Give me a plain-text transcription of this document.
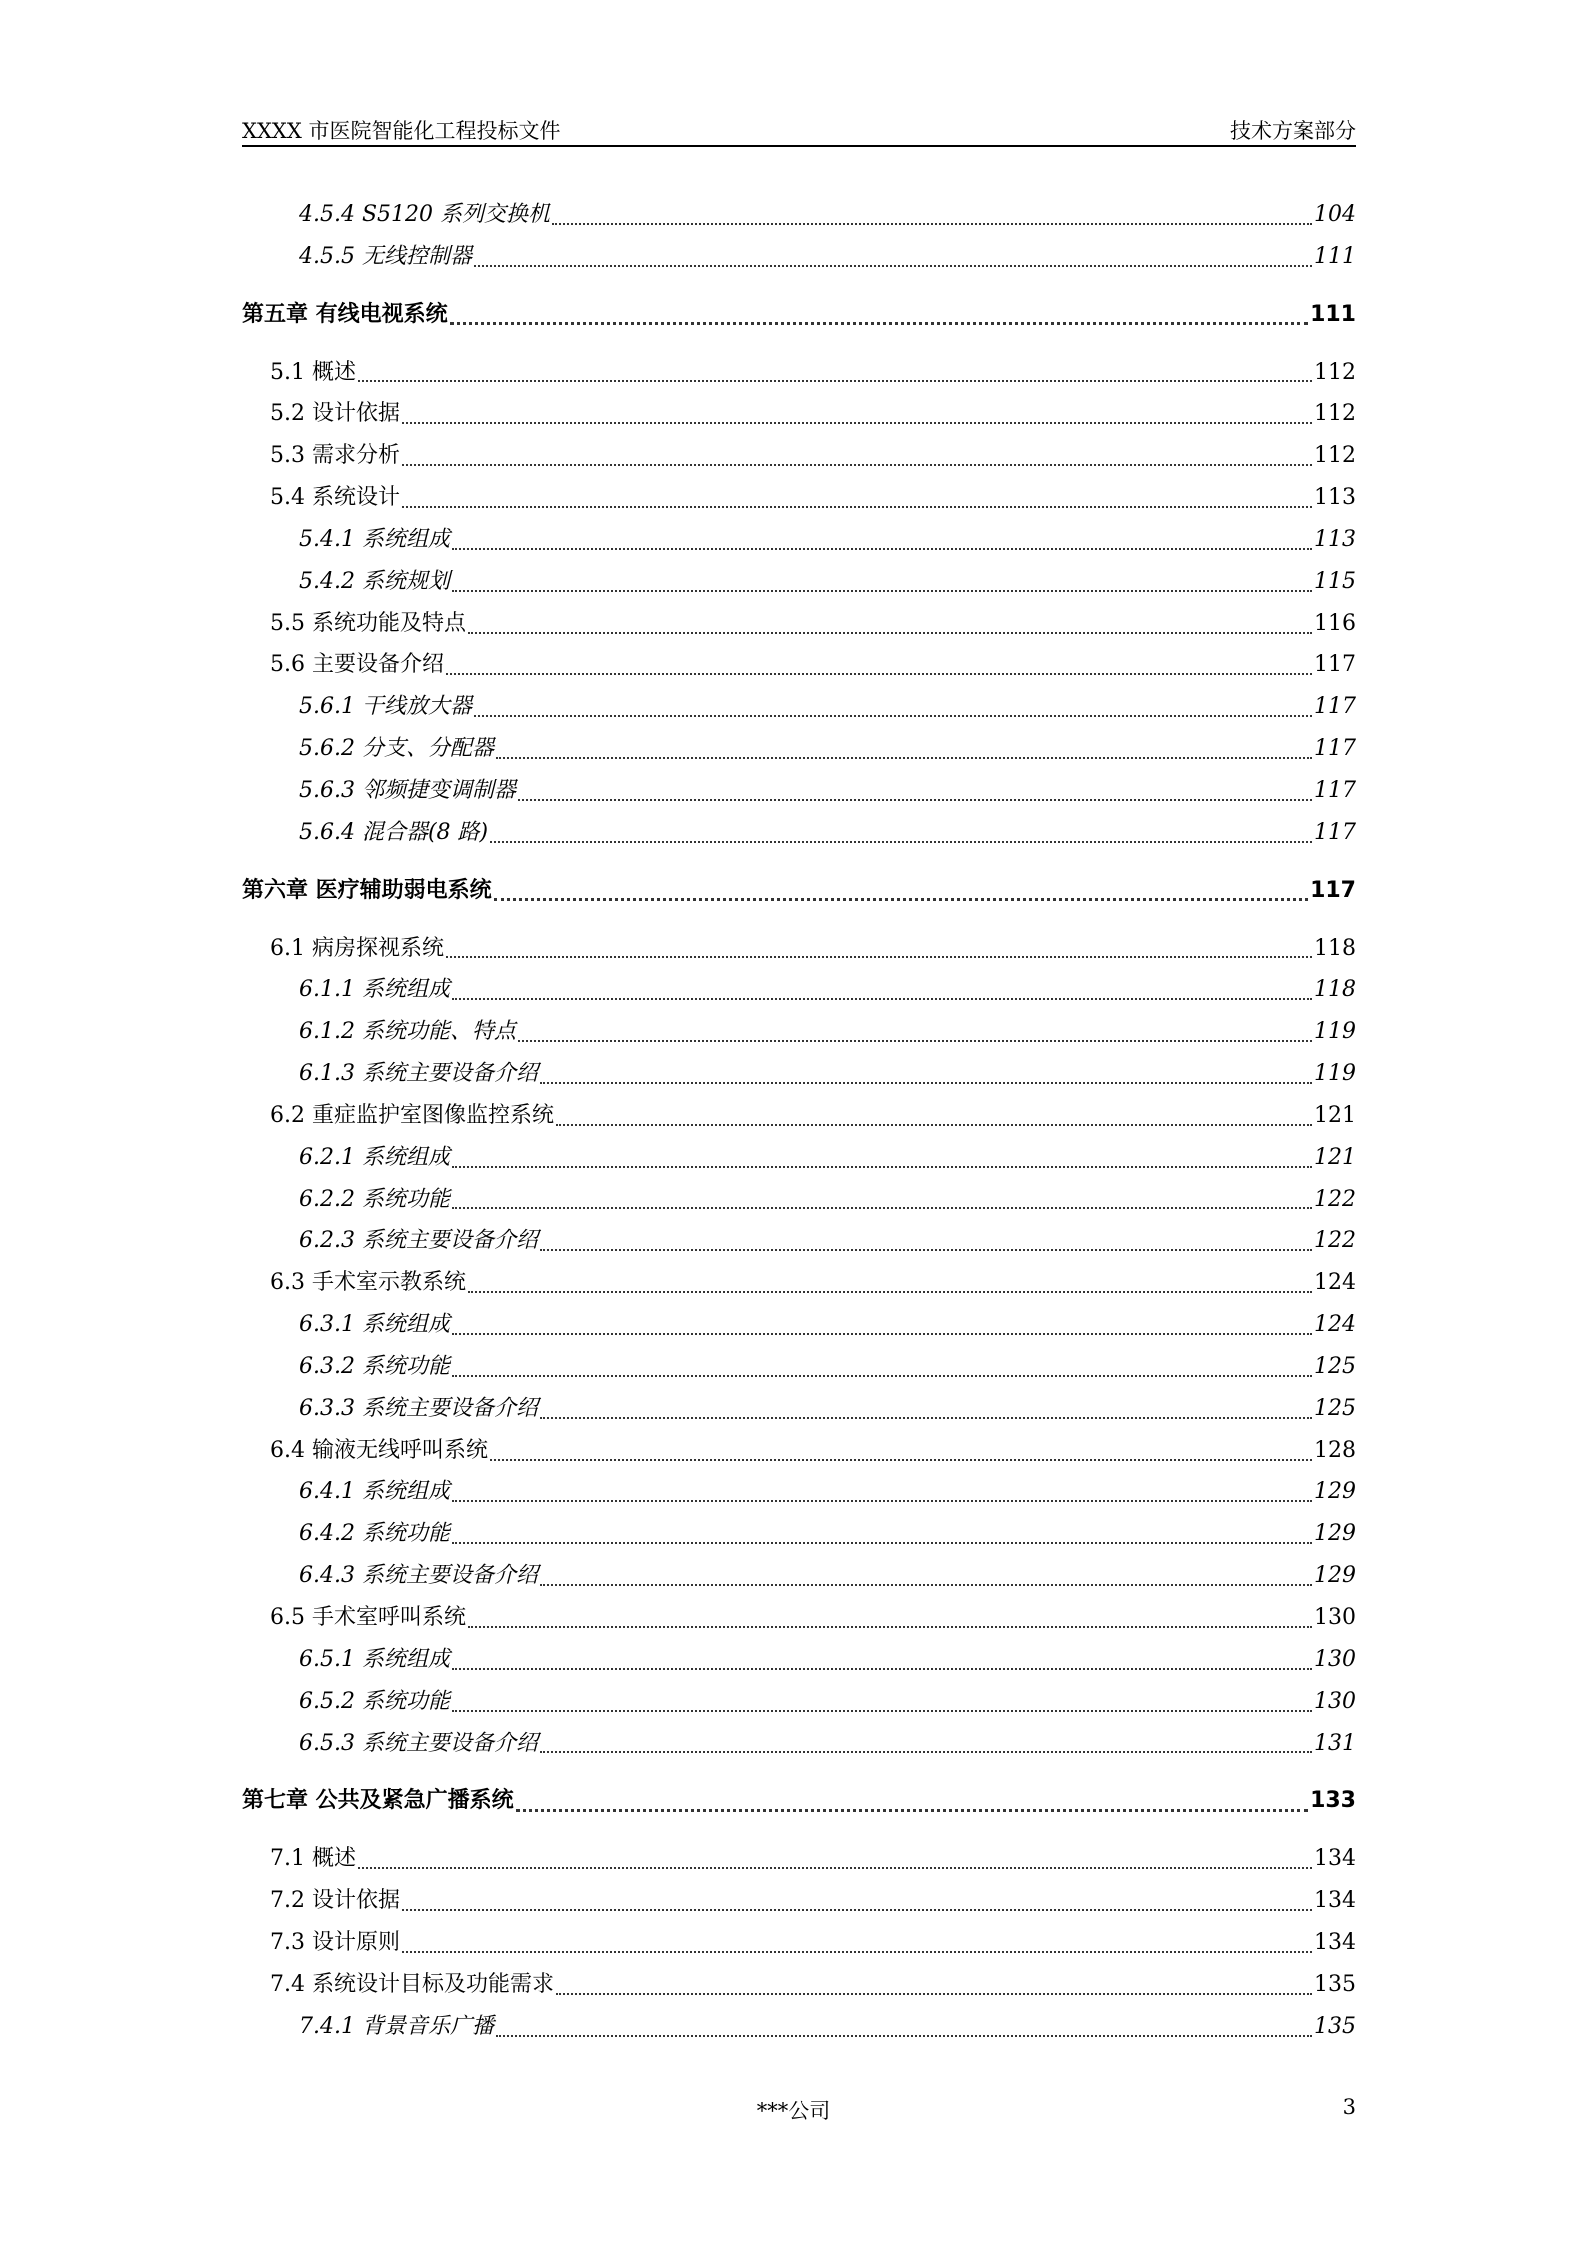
XXXX 市医院智能化工程投标文件	技术方案部分
4.5.4 S5120 系列交换机	104
4.5.5 无线控制器	111
第五章 有线电视系统	111
5.1 概述	112
5.2 设计依据	112
5.3 需求分析	112
5.4 系统设计	113
5.4.1 系统组成	113
5.4.2 系统规划	115
5.5 系统功能及特点	116
5.6 主要设备介绍	117
5.6.1 干线放大器	117
5.6.2 分支、分配器	117
5.6.3 邻频捷变调制器	117
5.6.4 混合器(8 路)	117
第六章 医疗辅助弱电系统	117
6.1 病房探视系统	118
6.1.1 系统组成	118
6.1.2 系统功能、特点	119
6.1.3 系统主要设备介绍	119
6.2 重症监护室图像监控系统	121
6.2.1 系统组成	121
6.2.2 系统功能	122
6.2.3 系统主要设备介绍	122
6.3 手术室示教系统	124
6.3.1 系统组成	124
6.3.2 系统功能	125
6.3.3 系统主要设备介绍	125
6.4 输液无线呼叫系统	128
6.4.1 系统组成	129
6.4.2 系统功能	129
6.4.3 系统主要设备介绍	129
6.5 手术室呼叫系统	130
6.5.1 系统组成	130
6.5.2 系统功能	130
6.5.3 系统主要设备介绍	131
第七章 公共及紧急广播系统	133
7.1 概述	134
7.2 设计依据	134
7.3 设计原则	134
7.4 系统设计目标及功能需求	135
7.4.1 背景音乐广播	135
***公司	3
